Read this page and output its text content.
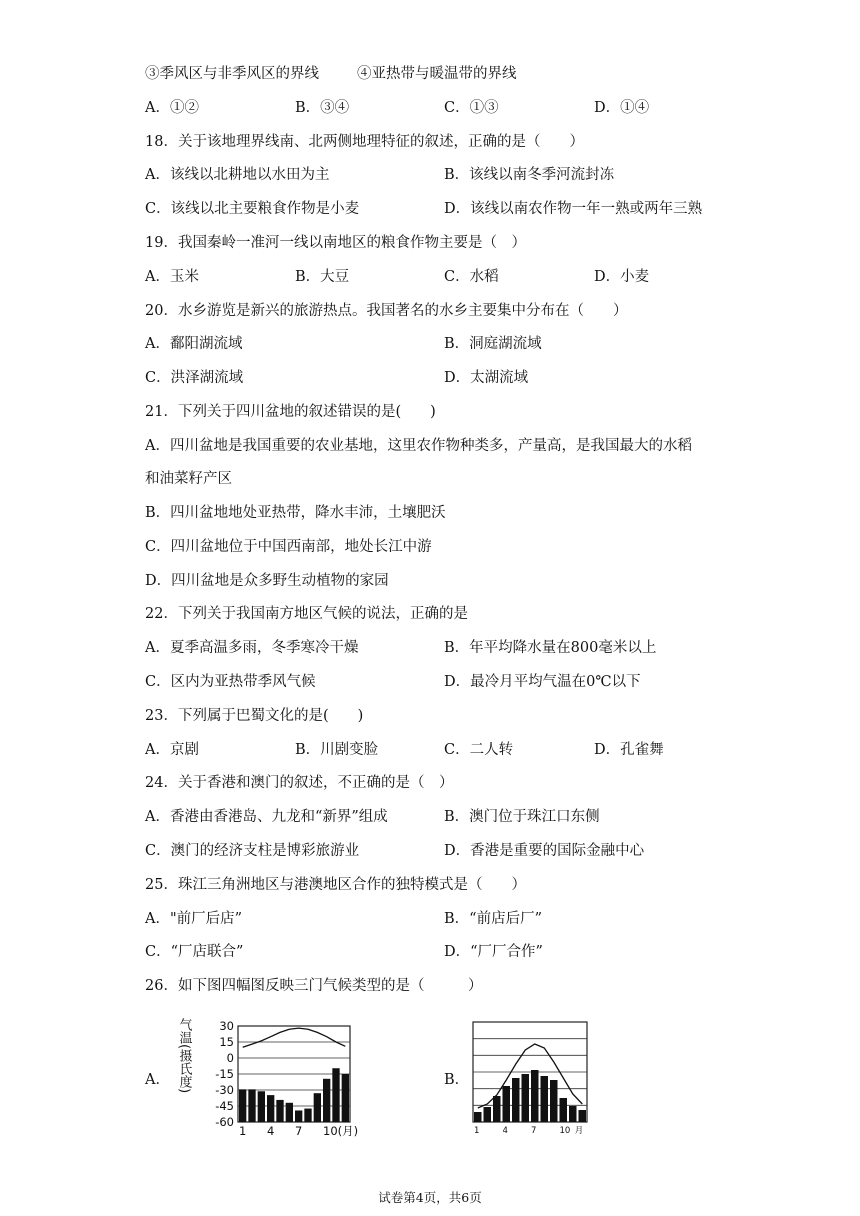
③季风区与非季风区的界线	④亚热带与暖温带的界线
A．①②	B．③④	C．①③	D．①④
18．关于该地理界线南、北两侧地理特征的叙述，正确的是（　　）
A．该线以北耕地以水田为主	B．该线以南冬季河流封冻
C．该线以北主要粮食作物是小麦	D．该线以南农作物一年一熟或两年三熟
19．我国秦岭一准河一线以南地区的粮食作物主要是（　）
A．玉米	B．大豆	C．水稻	D．小麦
20．水乡游览是新兴的旅游热点。我国著名的水乡主要集中分布在（　　）
A．鄱阳湖流域	B．洞庭湖流域
C．洪泽湖流域	D．太湖流域
21．下列关于四川盆地的叙述错误的是(　　)
A．四川盆地是我国重要的农业基地，这里农作物种类多，产量高，是我国最大的水稻
和油菜籽产区
B．四川盆地地处亚热带，降水丰沛，土壤肥沃
C．四川盆地位于中国西南部，地处长江中游
D．四川盆地是众多野生动植物的家园
22．下列关于我国南方地区气候的说法，正确的是
A．夏季高温多雨，冬季寒冷干燥	B．年平均降水量在800毫米以上
C．区内为亚热带季风气候	D．最冷月平均气温在0℃以下
23．下列属于巴蜀文化的是(　　)
A．京剧	B．川剧变脸	C．二人转	D．孔雀舞
24．关于香港和澳门的叙述，不正确的是（　）
A．香港由香港岛、九龙和“新界”组成	B．澳门位于珠江口东侧
C．澳门的经济支柱是博彩旅游业	D．香港是重要的国际金融中心
25．珠江三角洲地区与港澳地区合作的独特模式是（　　）
A．"前厂后店”	B．“前店后厂”
C．“厂店联合”	D．“厂厂合作”
26．如下图四幅图反映三门气候类型的是（　　　）
A． 气温(摄氏度) 30
15
0
-15
-30
-45
-60
1 4 7 10(月)
B．
1	4	7	10 月
试卷第4页，共6页
